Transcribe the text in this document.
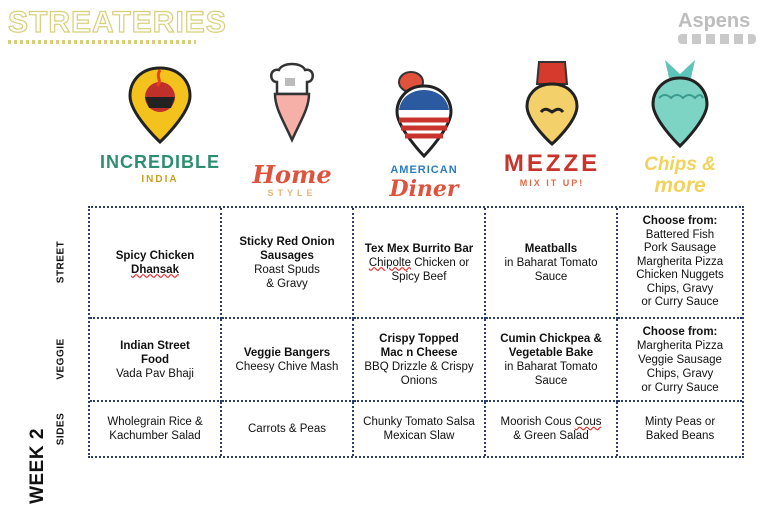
STREATERIES	Aspens
INCREDIBLE
INDIA	Home
STYLE
AMERICAN
Diner
MEZZE
MIX IT UP!
Chips &
more
STREET
VEGGIE
SIDES
WEEK 2
Spicy Chicken
Dhansak
Sticky Red Onion
Sausages
Roast Spuds
& Gravy
Tex Mex Burrito Bar
Chipolte Chicken or
Spicy Beef
Meatballs
in Baharat Tomato
Sauce
Choose from:
Battered Fish
Pork Sausage
Margherita Pizza
Chicken Nuggets
Chips, Gravy
or Curry Sauce
Indian Street
Food
Vada Pav Bhaji
Veggie Bangers
Cheesy Chive Mash
Crispy Topped
Mac n Cheese
BBQ Drizzle & Crispy
Onions
Cumin Chickpea &
Vegetable Bake
in Baharat Tomato
Sauce
Choose from:
Margherita Pizza
Veggie Sausage
Chips, Gravy
or Curry Sauce
Wholegrain Rice &
Kachumber Salad
Carrots & Peas
Chunky Tomato Salsa
Mexican Slaw
Moorish Cous Cous
& Green Salad
Minty Peas or
Baked Beans
